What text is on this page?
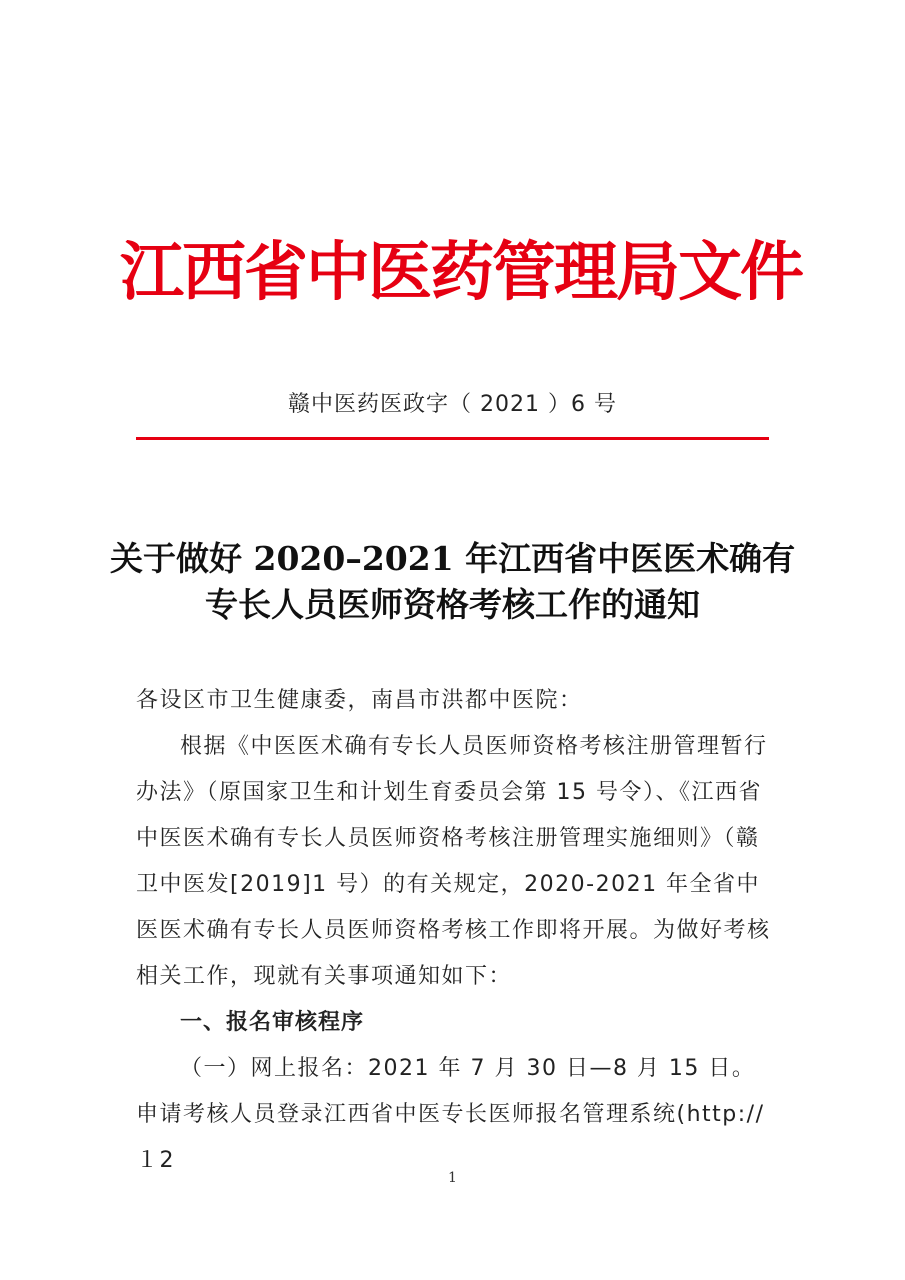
江西省中医药管理局文件
赣中医药医政字（ 2021 ）6 号
关于做好 2020–2021 年江西省中医医术确有
专长人员医师资格考核工作的通知

各设区市卫生健康委，南昌市洪都中医院：

根据《中医医术确有专长人员医师资格考核注册管理暂行办法》（原国家卫生和计划生育委员会第 15 号令）、《江西省中医医术确有专长人员医师资格考核注册管理实施细则》（赣卫中医发[2019]1 号）的有关规定，2020-2021 年全省中医医术确有专长人员医师资格考核工作即将开展。为做好考核相关工作，现就有关事项通知如下：

一、报名审核程序

（一）网上报名：2021 年 7 月 30 日—8 月 15 日。申请考核人员登录江西省中医专长医师报名管理系统(http://１2

1
